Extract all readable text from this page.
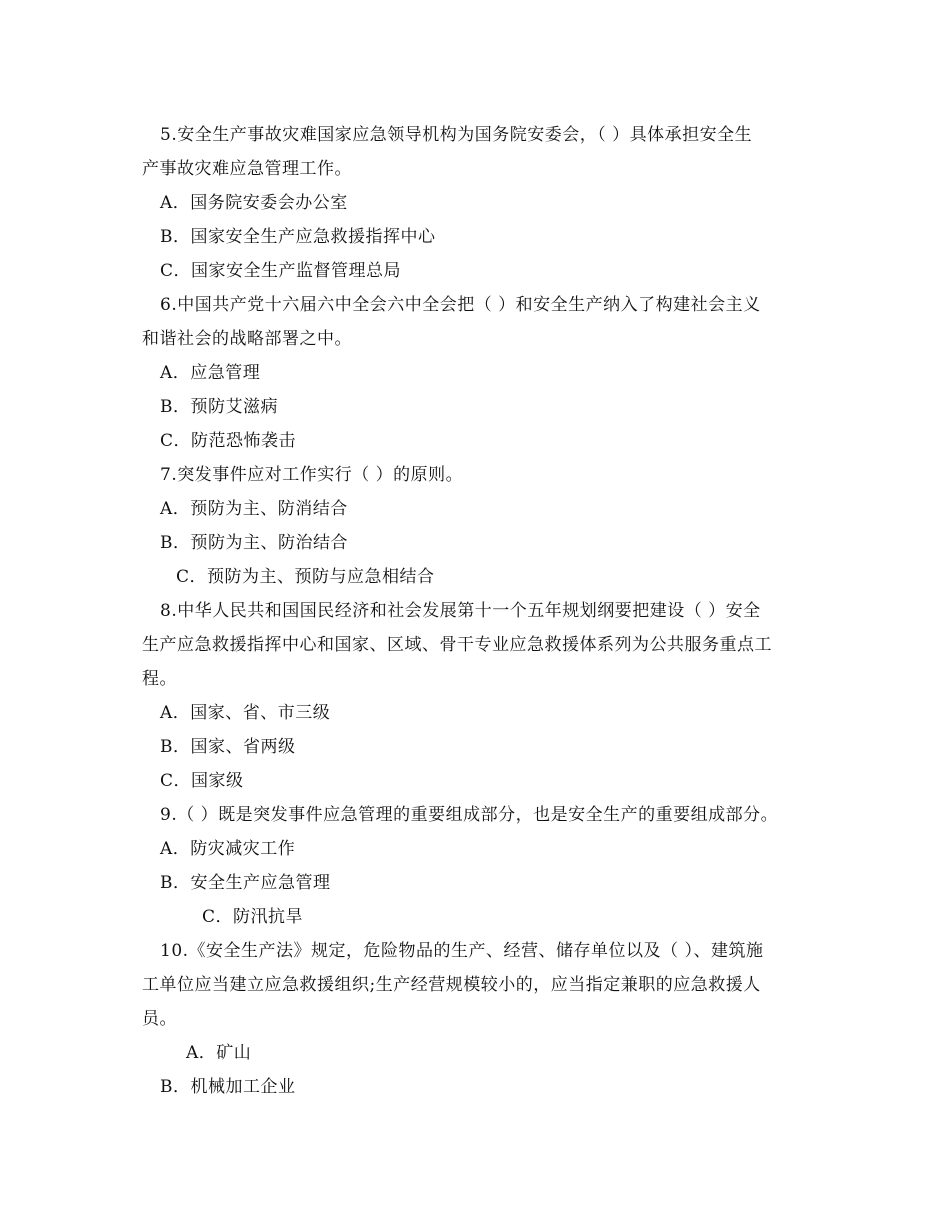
5.安全生产事故灾难国家应急领导机构为国务院安委会，（ ）具体承担安全生
产事故灾难应急管理工作。
A．国务院安委会办公室
B．国家安全生产应急救援指挥中心
C．国家安全生产监督管理总局
6.中国共产党十六届六中全会六中全会把（ ）和安全生产纳入了构建社会主义
和谐社会的战略部署之中。
A．应急管理
B．预防艾滋病
C．防范恐怖袭击
7.突发事件应对工作实行（ ）的原则。
A．预防为主、防消结合
B．预防为主、防治结合
C．预防为主、预防与应急相结合
8.中华人民共和国国民经济和社会发展第十一个五年规划纲要把建设（ ）安全
生产应急救援指挥中心和国家、区域、骨干专业应急救援体系列为公共服务重点工
程。
A．国家、省、市三级
B．国家、省两级
C．国家级
9.（ ）既是突发事件应急管理的重要组成部分，也是安全生产的重要组成部分。
A．防灾减灾工作
B．安全生产应急管理
C．防汛抗旱
10.《安全生产法》规定，危险物品的生产、经营、储存单位以及（ ）、建筑施
工单位应当建立应急救援组织;生产经营规模较小的，应当指定兼职的应急救援人
员。
A．矿山
B．机械加工企业
